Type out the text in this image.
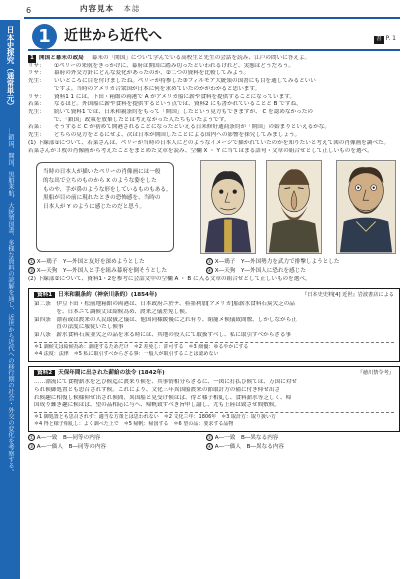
6	内容見本 本誌
日本史探究（通常単元）
…鎖国、開国、黒船来航、大統領国書、多様な資料の読解を通し、近世から近代への移行期の社会・外交の変化を考察する。
1 近世から近代へ	書 P. 1
1 開国と幕末の政局 幕末の「開国」について学んでいる高校生と先生の会話を読み、江戸の問いに答えよ。
リサ： ①ペリーの来航をきっかけに、幕府は開国に踏み切ったといわれるけれど、実態はどうだろう。
リサ： 幕府の外交方針にどんな変化があったのか、②二つの資料を比較してみよう。
先生： いいところに目を付けましたね。ペリーが持参した③フィルモア大統領の国書にも目を通してみるといい
ですよ。当時のアメリカ合衆国が日本に何を求めていたのかがわかると思います。
リサ： 資料1 1 には、下田・箱館の両港で A がアメリカ船に薪や食料を提供することになっています。
若菜： なるほど。外国船に薪や食料を提供するという点では、資料2 にも書かれていることと B ですね。
先生： 続いて資料1 では、日米和親条約をもって「開国」したという見方もできますが、 C を認めなかったの
で、「鎖国」政策を放棄したとは考えなかった人たちもいたようです。
若菜： そうすると C が初めて開港されることになったといえる日米修好通商条約が「開国」の始まりといえるかな。
先生： どちらの見方をとるにせよ、次は日本が開国したことによる国内への影響を探究してみましょう。
(1) 下線部①について、若菜さんは、ペリーが当時の日本人にどのようなイメージで描かれていたのかを知りたいと考えて図の肖像画を調べた。
若菜さんが３枚の肖像画から考えたことをまとめた文章を読み、空欄 X ・ Y に当てはまる語句・文章の組合せとして正しいものを選べ。
当時の日本人が描いたペリーの肖像画には一般
的な出で立ちのものから X のような姿をした
ものや、手が鼻のような形をしているものもある。
黒船が目の前に現れたときの恐怖感を、当時の
日本人が Y のように感じたのだと思う。
① X―鶏子　Y―外国と友好を深めようとした	② X―鶏子　Y―外国勢力を武力で排撃しようとした
③ X―天狗　Y―外国人と手を組み幕府を倒そうとした	④ X―天狗　Y―外国人に恐れを感じた
(2) 下線部②について、資料1・2を参考に会話文中の空欄 A ・ B に入る文章の組合せとして正しいものを選べ。
資料1 日米和親条約（神奈川条約）(1854年)	『日本史史料[4] 近世』岩波書店による
第二条　伊豆下田・松前地箱館の両港は、日本政府ニ於テ、亜墨利加[アメリカ]船薪水食料石炭欠乏の品
　　　　を、日本ニて調候丈は給候為め、渡来之儀差免し候。
第四条　漂着或は渡来の人民取扱之儀は、他国同様緩優に之れ有り、閉籠メ候儀致間敷、しかしながら正
　　　　直の法度に服従いたし候事
第八条　薪水食料石炭並欠乏の品を求る時には、其地の役人にて取扱すべし、私に取引すべからざる事
＊1 調候丈は給候為め：調達するためだけ　＊2 差免し：許可する　＊3 緩優：ゆるやかにする
＊4 法度：法律　＊5 私に取引すべからざる事：一般人が取引することは認めない
資料2 天保年間に出された薪給の法令 (1842年)	『徳川禁令考』
……漂流にて食物薪水を乞ひ候迄に渡来り候を、其事情相分らざるに、一図に打払ひ候ては、万国に対せ
られ候御処置とも思召されず候。これにより、文化三年異国船渡来の節取計方の備に付き仰せ出さ
れ候趣に相復し候様仰せ出され候間、異国船と見受け候はば、得と様子相糺し、食料薪水等乏しく、帰
国成り難き趣に候はば、望の品相応に与へ、帰帆致すべき旨申し諭し、尤も上陸は致させ間敷候。
＊1 御処置とも思召されず：適当な方策とは思われない　＊2 文化三年：1806年　＊3 取計方：取り扱い方
＊4 得と様子相糺し：よく調べた上で　＊5 帰帆：帰国する　＊6 望の品：要求する品物
① A―一致　B―同等の内容	② A―一致　B―異なる内容
③ A―一価人　B―同等の内容	④ A―一価人　B―異なる内容
